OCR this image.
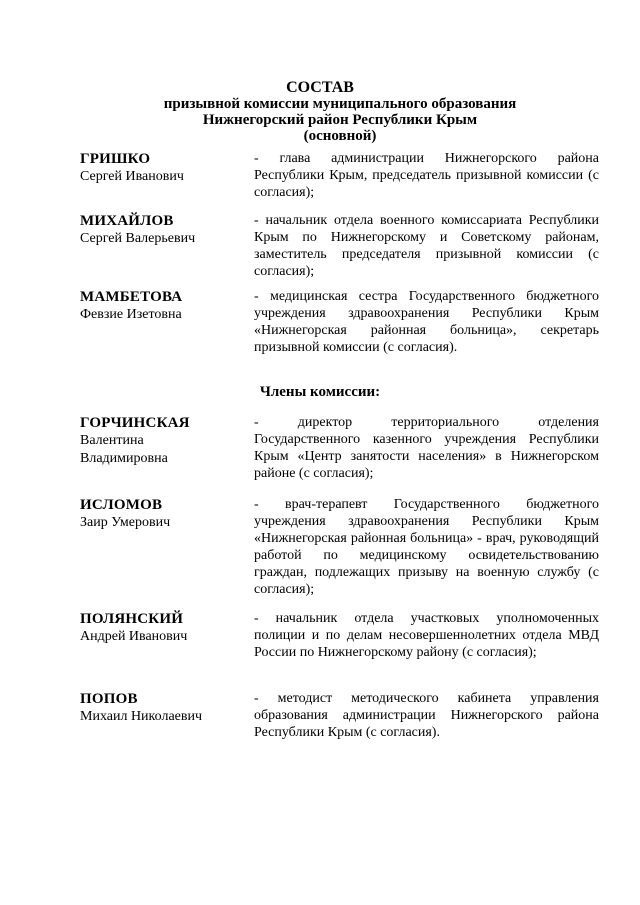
СОСТАВ
призывной комиссии муниципального образования
Нижнегорский район Республики Крым
(основной)
ГРИШКО
Сергей Иванович
- глава администрации Нижнегорского района Республики Крым, председатель призывной комиссии (с согласия);
МИХАЙЛОВ
Сергей Валерьевич
- начальник отдела военного комиссариата Республики Крым по Нижнегорскому и Советскому районам, заместитель председателя призывной комиссии (с согласия);
МАМБЕТОВА
Февзие Изетовна
- медицинская сестра Государственного бюджетного учреждения здравоохранения Республики Крым «Нижнегорская районная больница», секретарь призывной комиссии (с согласия).
Члены комиссии:
ГОРЧИНСКАЯ
Валентина
Владимировна
- директор территориального отделения Государственного казенного учреждения Республики Крым «Центр занятости населения» в Нижнегорском районе (с согласия);
ИСЛОМОВ
Заир Умерович
- врач-терапевт Государственного бюджетного учреждения здравоохранения Республики Крым «Нижнегорская районная больница» - врач, руководящий работой по медицинскому освидетельствованию граждан, подлежащих призыву на военную службу (с согласия);
ПОЛЯНСКИЙ
Андрей Иванович
- начальник отдела участковых уполномоченных полиции и по делам несовершеннолетних отдела МВД России по Нижнегорскому району (с согласия);
ПОПОВ
Михаил Николаевич
- методист методического кабинета управления образования администрации Нижнегорского района Республики Крым (с согласия).
